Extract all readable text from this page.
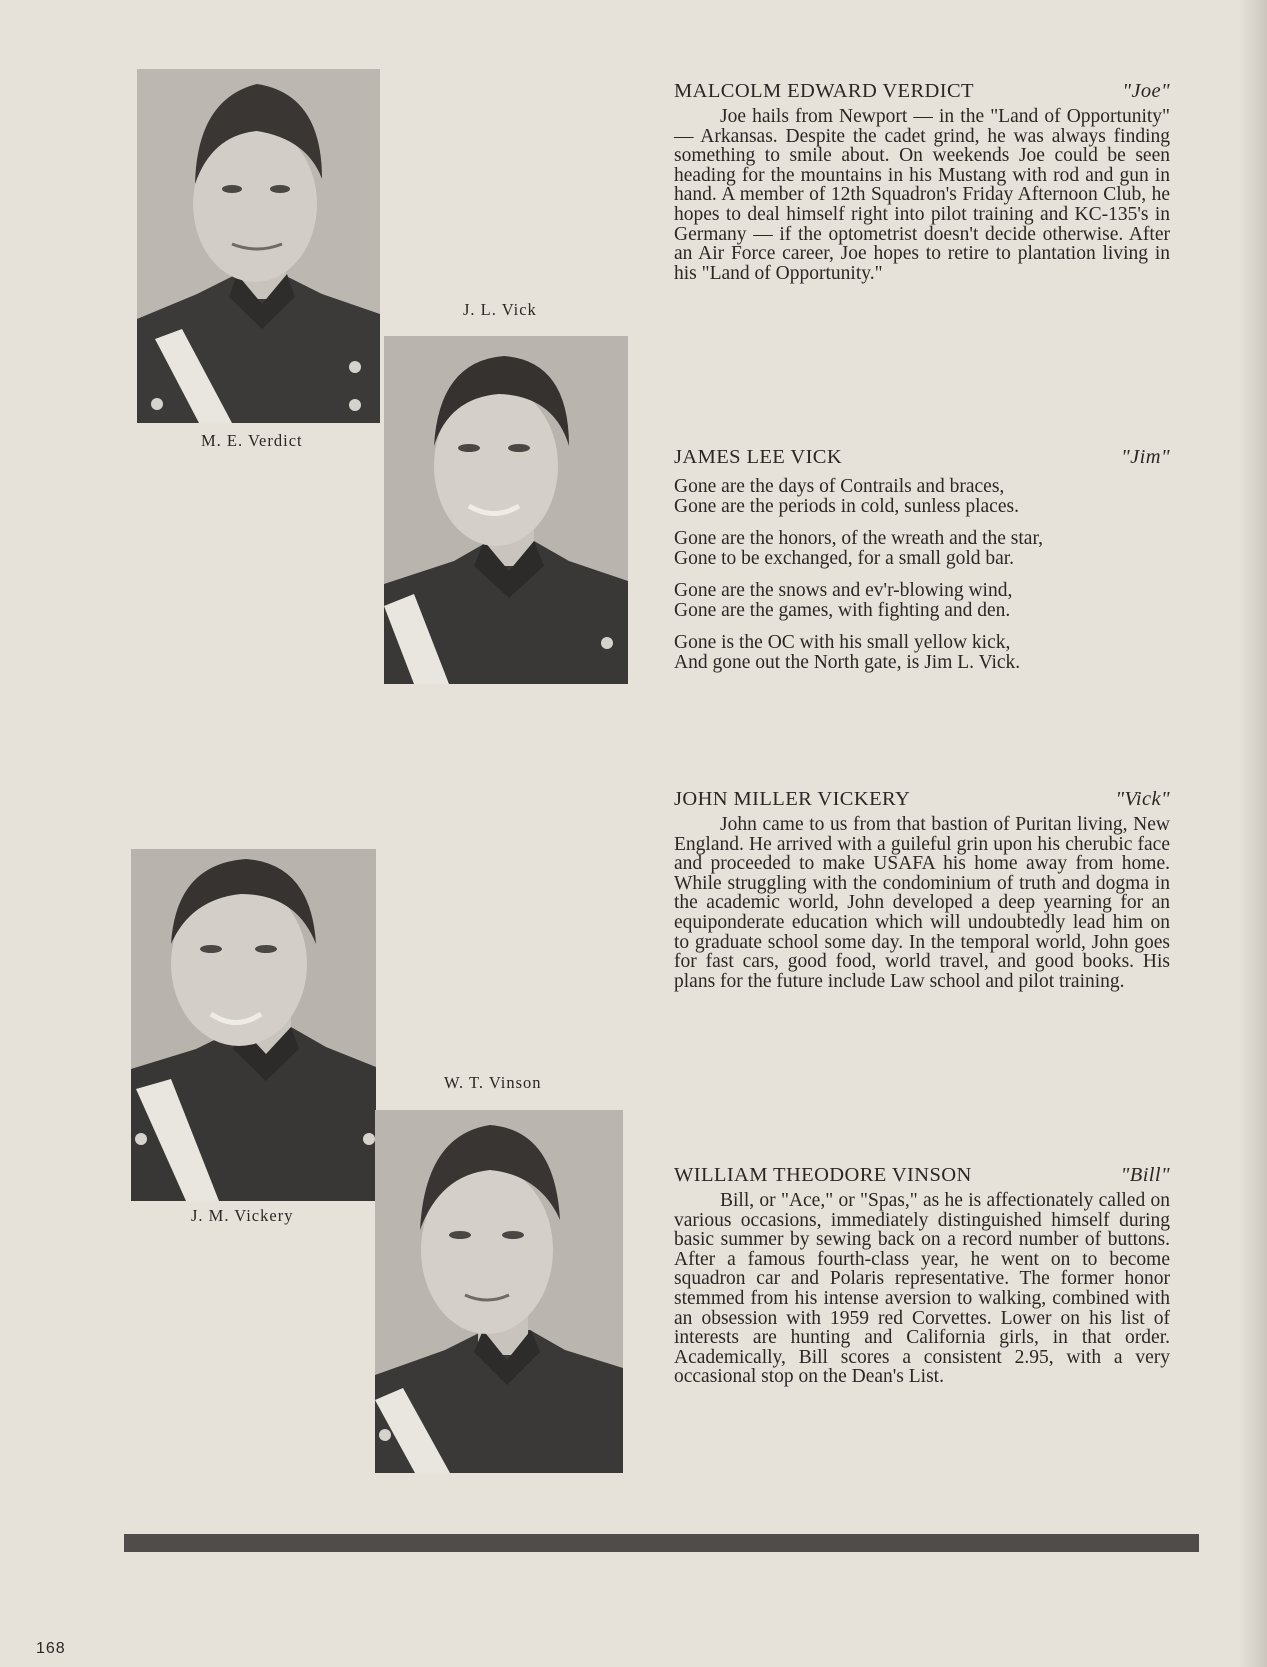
M. E. Verdict
J. L. Vick
J. M. Vickery
W. T. Vinson
MALCOLM EDWARD VERDICT	"Joe"

Joe hails from Newport — in the "Land of Opportunity" — Arkansas. Despite the cadet grind, he was always finding something to smile about. On weekends Joe could be seen heading for the mountains in his Mustang with rod and gun in hand. A member of 12th Squadron's Friday Afternoon Club, he hopes to deal himself right into pilot training and KC-135's in Germany — if the optometrist doesn't decide otherwise. After an Air Force career, Joe hopes to retire to plantation living in his "Land of Opportunity."

JAMES LEE VICK	"Jim"
Gone are the days of Contrails and braces,
Gone are the periods in cold, sunless places.
Gone are the honors, of the wreath and the star,
Gone to be exchanged, for a small gold bar.
Gone are the snows and ev'r-blowing wind,
Gone are the games, with fighting and den.
Gone is the OC with his small yellow kick,
And gone out the North gate, is Jim L. Vick.
JOHN MILLER VICKERY	"Vick"

John came to us from that bastion of Puritan living, New England. He arrived with a guileful grin upon his cherubic face and proceeded to make USAFA his home away from home. While struggling with the condominium of truth and dogma in the academic world, John developed a deep yearning for an equiponderate education which will undoubtedly lead him on to graduate school some day. In the temporal world, John goes for fast cars, good food, world travel, and good books. His plans for the future include Law school and pilot training.

WILLIAM THEODORE VINSON	"Bill"

Bill, or "Ace," or "Spas," as he is affectionately called on various occasions, immediately distinguished himself during basic summer by sewing back on a record number of buttons. After a famous fourth-class year, he went on to become squadron car and Polaris representative. The former honor stemmed from his intense aversion to walking, combined with an obsession with 1959 red Corvettes. Lower on his list of interests are hunting and California girls, in that order. Academically, Bill scores a consistent 2.95, with a very occasional stop on the Dean's List.

168
